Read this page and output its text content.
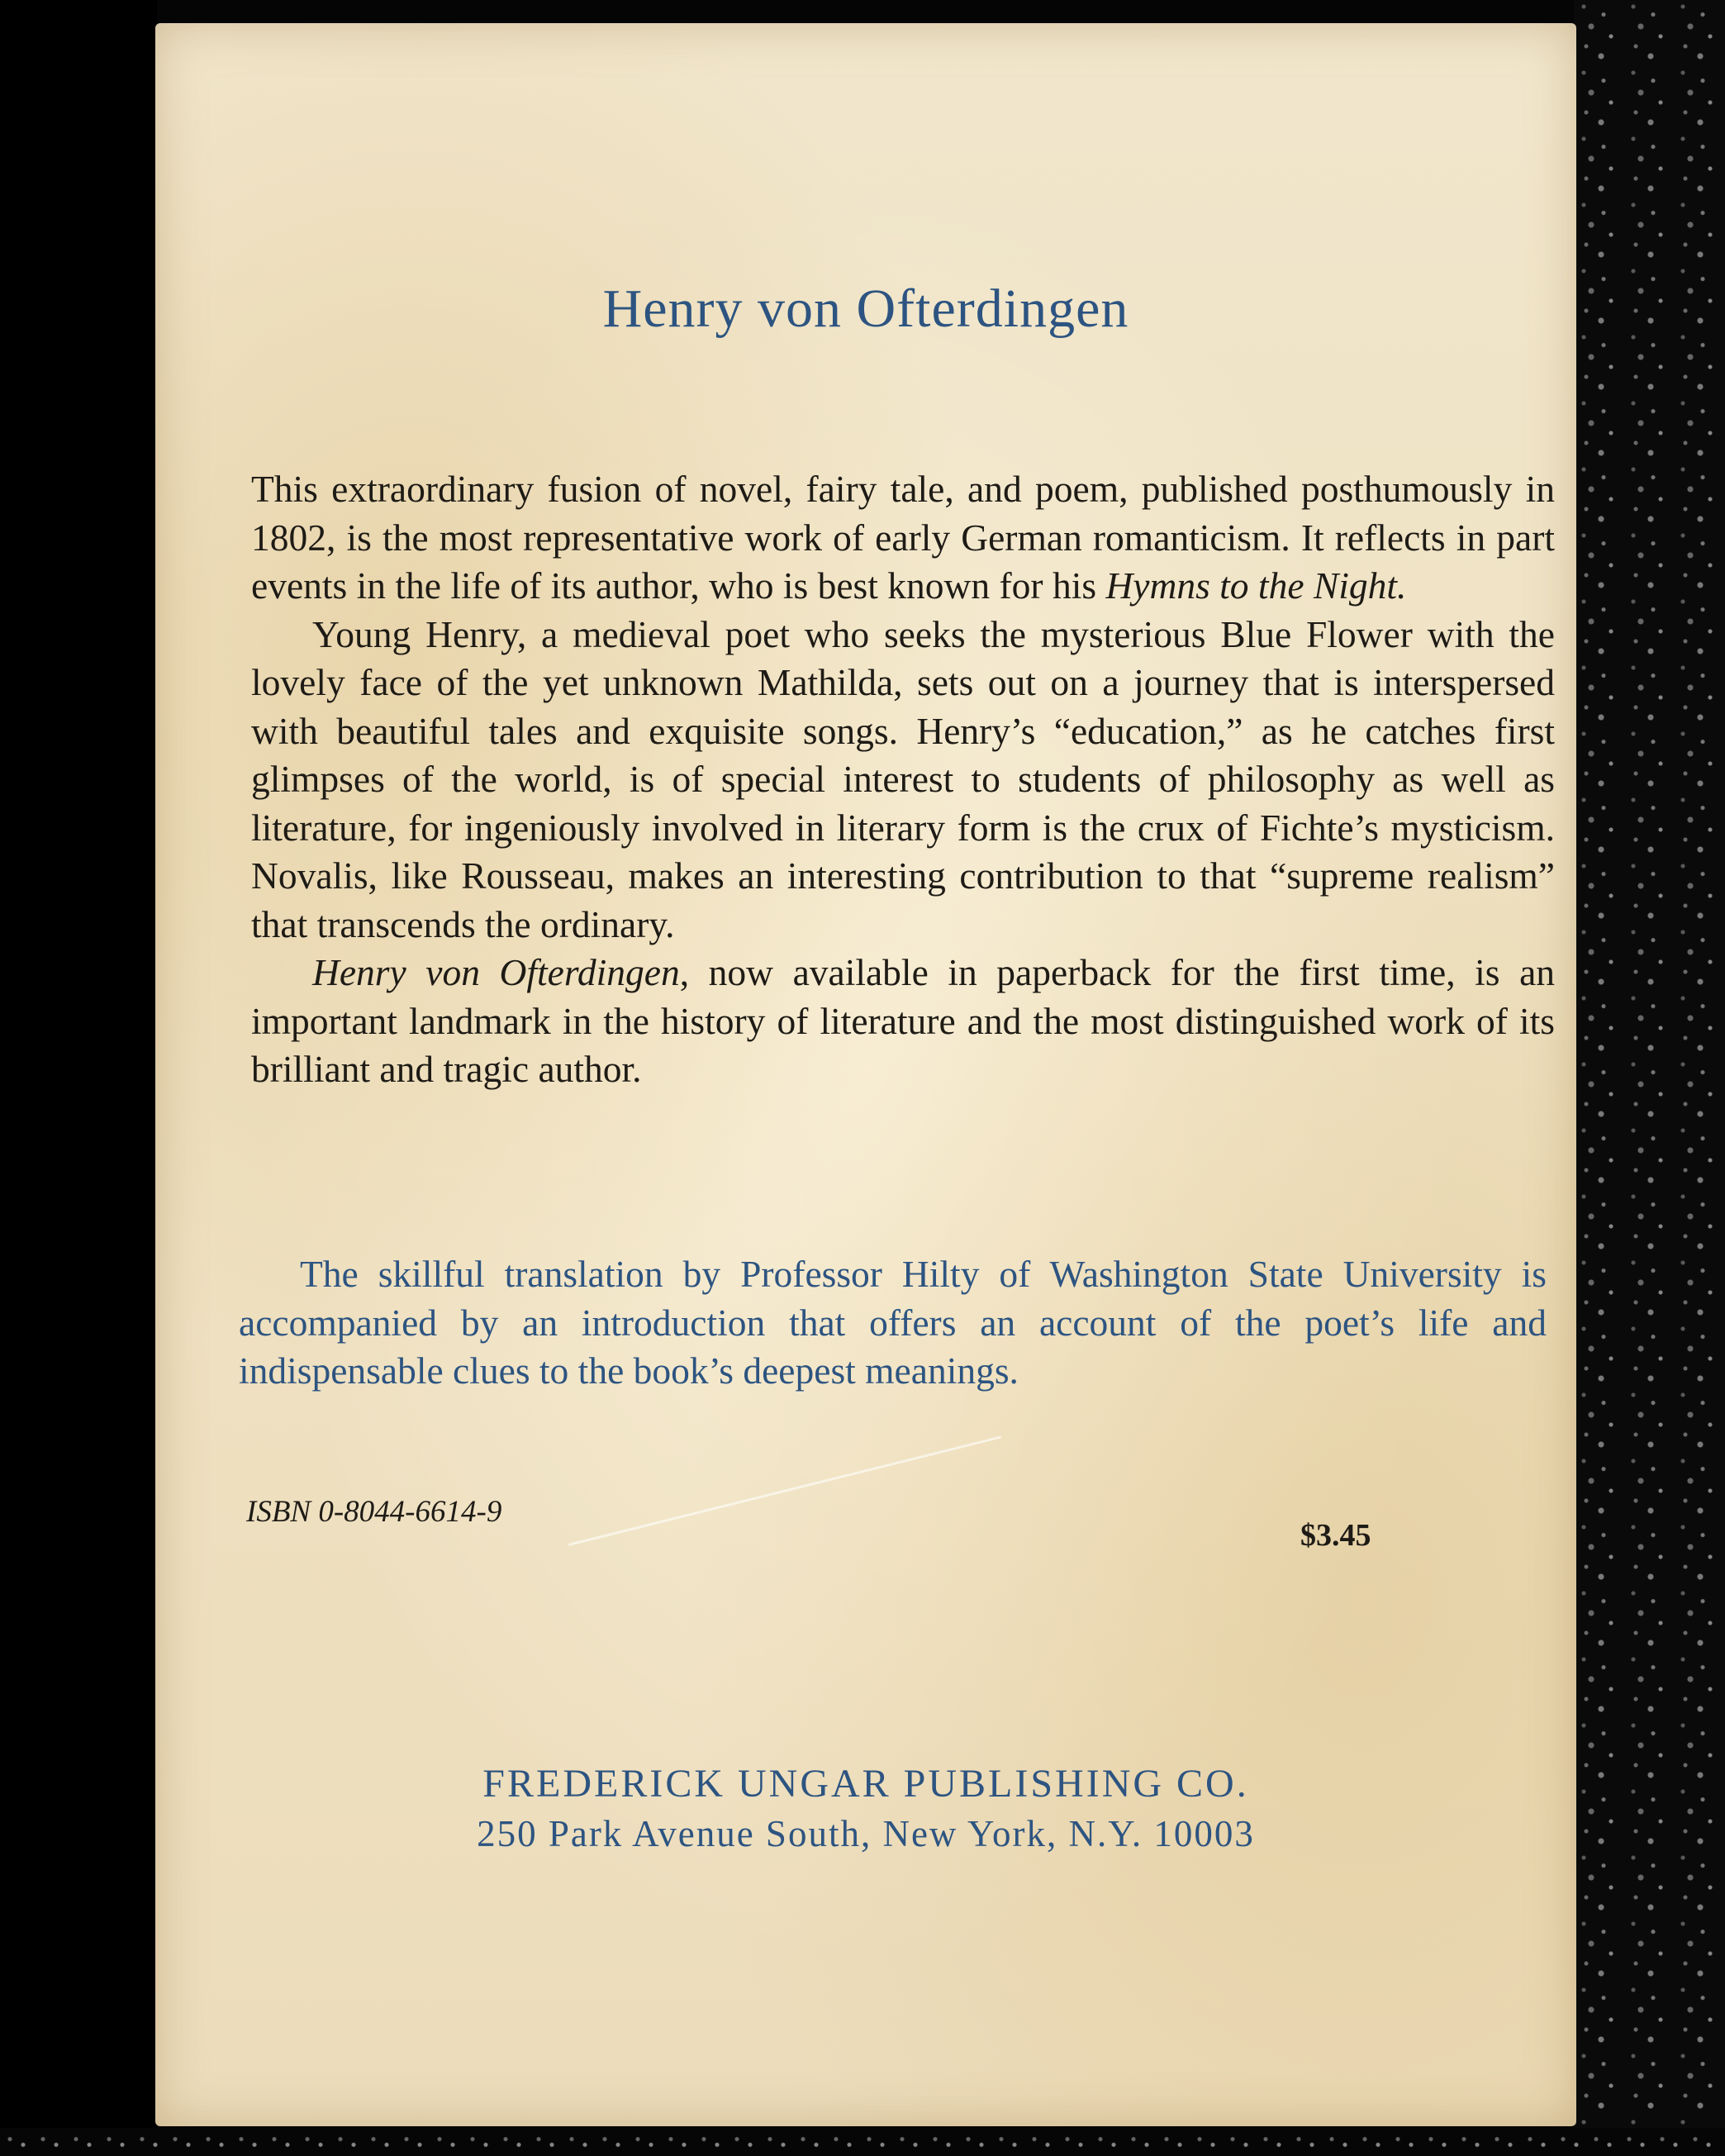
Henry von Ofterdingen

This extraordinary fusion of novel, fairy tale, and poem, published posthumously in 1802, is the most representative work of early German romanticism. It reflects in part events in the life of its author, who is best known for his Hymns to the Night.

Young Henry, a medieval poet who seeks the mysterious Blue Flower with the lovely face of the yet unknown Mathilda, sets out on a journey that is interspersed with beautiful tales and exquisite songs. Henry’s “education,” as he catches first glimpses of the world, is of special interest to students of philosophy as well as literature, for ingeniously involved in literary form is the crux of Fichte’s mysticism. Novalis, like Rousseau, makes an interesting contribution to that “supreme realism” that transcends the ordinary.

Henry von Ofterdingen, now available in paperback for the first time, is an important landmark in the history of literature and the most distinguished work of its brilliant and tragic author.

The skillful translation by Professor Hilty of Washington State University is accompanied by an introduction that offers an account of the poet’s life and indispensable clues to the book’s deepest meanings.

ISBN 0-8044-6614-9

$3.45

FREDERICK UNGAR PUBLISHING CO.

250 Park Avenue South, New York, N.Y. 10003
